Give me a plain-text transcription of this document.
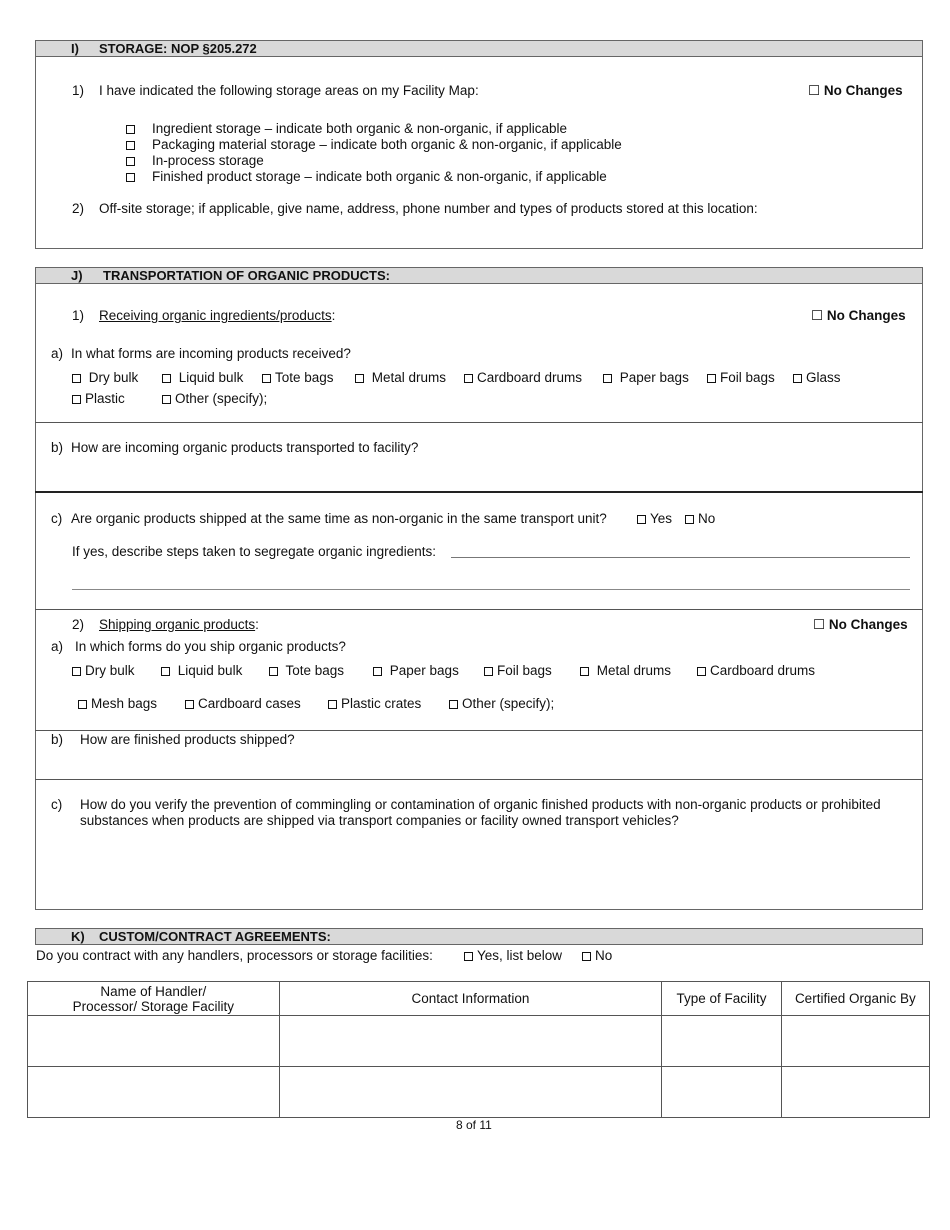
I) STORAGE: NOP §205.272
1) I have indicated the following storage areas on my Facility Map:	☐ No Changes
Ingredient storage – indicate both organic & non-organic, if applicable
Packaging material storage – indicate both organic & non-organic, if applicable
In-process storage
Finished product storage – indicate both organic & non-organic, if applicable
2) Off-site storage; if applicable, give name, address, phone number and types of products stored at this location:
J) TRANSPORTATION OF ORGANIC PRODUCTS:
1) Receiving organic ingredients/products:	☐ No Changes
a) In what forms are incoming products received?
Dry bulk	Liquid bulk	Tote bags	Metal drums	Cardboard drums	Paper bags	Foil bags	Glass
Plastic	Other (specify);
b) How are incoming organic products transported to facility?
c) Are organic products shipped at the same time as non-organic in the same transport unit?	Yes	No
If yes, describe steps taken to segregate organic ingredients:
2) Shipping organic products:	☐ No Changes
a) In which forms do you ship organic products?
Dry bulk	Liquid bulk	Tote bags	Paper bags	Foil bags	Metal drums	Cardboard drums
Mesh bags	Cardboard cases	Plastic crates	Other (specify);
b) How are finished products shipped?
c) How do you verify the prevention of commingling or contamination of organic finished products with non-organic products or prohibited substances when products are shipped via transport companies or facility owned transport vehicles?
K) CUSTOM/CONTRACT AGREEMENTS:
Do you contract with any handlers, processors or storage facilities:	Yes, list below	No
Name of Handler/
Processor/ Storage Facility	Contact Information	Type of Facility	Certified Organic By

8 of 11
